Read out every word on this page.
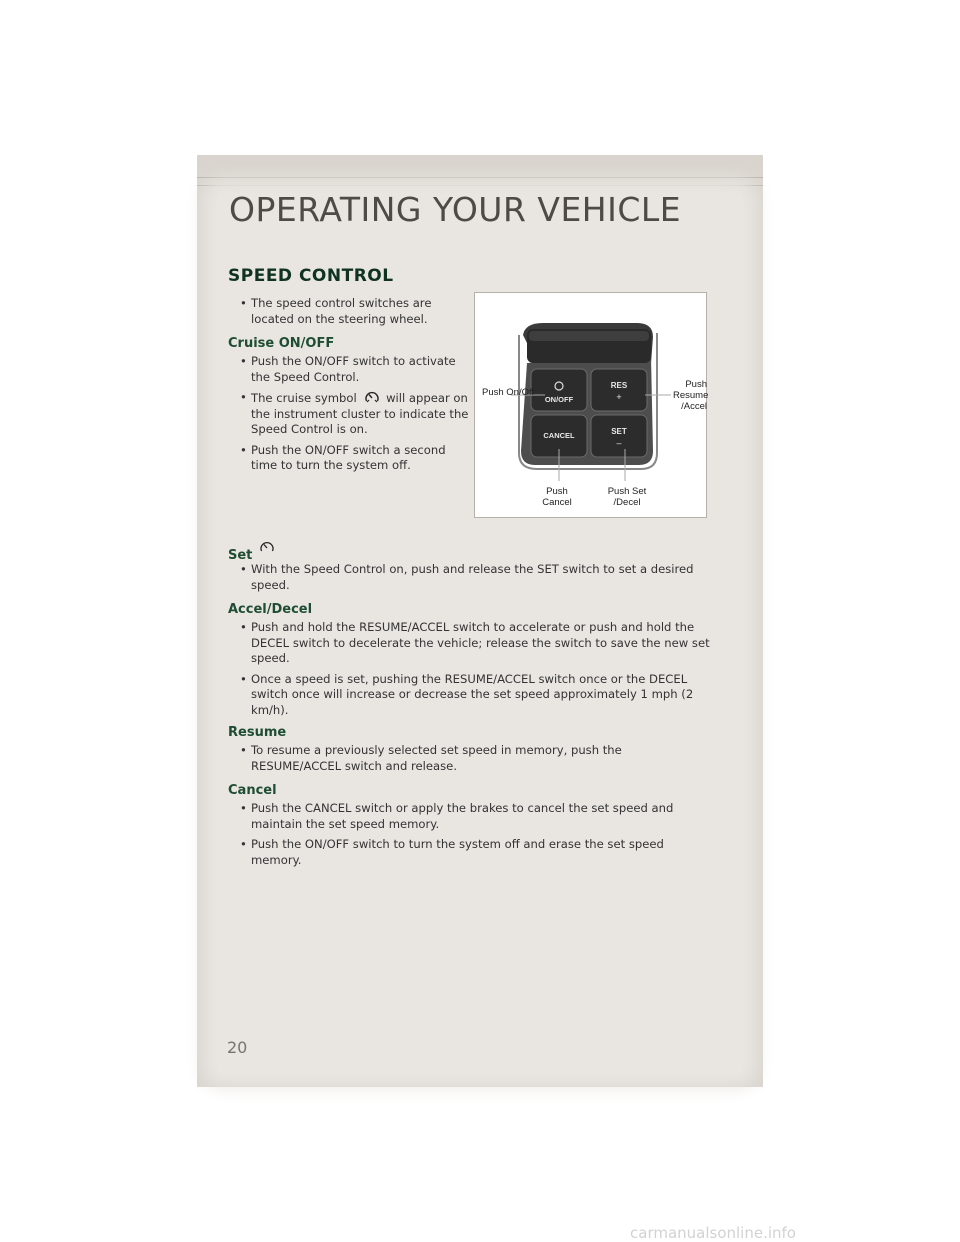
OPERATING YOUR VEHICLE
SPEED CONTROL
• The speed control switches are located on the steering wheel.
Cruise ON/OFF
• Push the ON/OFF switch to activate the Speed Control.
• The cruise symbol	will appear on the instrument cluster to indicate the Speed Control is on.
• Push the ON/OFF switch a second time to turn the system off.
ON/OFF
RES
+
CANCEL	SET
–
Push On/Off
Push Resume /Accel
Push Cancel
Push Set /Decel
$_{Set}$
• With the Speed Control on, push and release the SET switch to set a desired speed.
Accel/Decel
• Push and hold the RESUME/ACCEL switch to accelerate or push and hold the DECEL switch to decelerate the vehicle; release the switch to save the new set speed.
• Once a speed is set, pushing the RESUME/ACCEL switch once or the DECEL switch once will increase or decrease the set speed approximately 1 mph (2 km/h).
Resume
• To resume a previously selected set speed in memory, push the RESUME/ACCEL switch and release.
Cancel
• Push the CANCEL switch or apply the brakes to cancel the set speed and maintain the set speed memory.
• Push the ON/OFF switch to turn the system off and erase the set speed memory.
20
carmanualsonline.info
